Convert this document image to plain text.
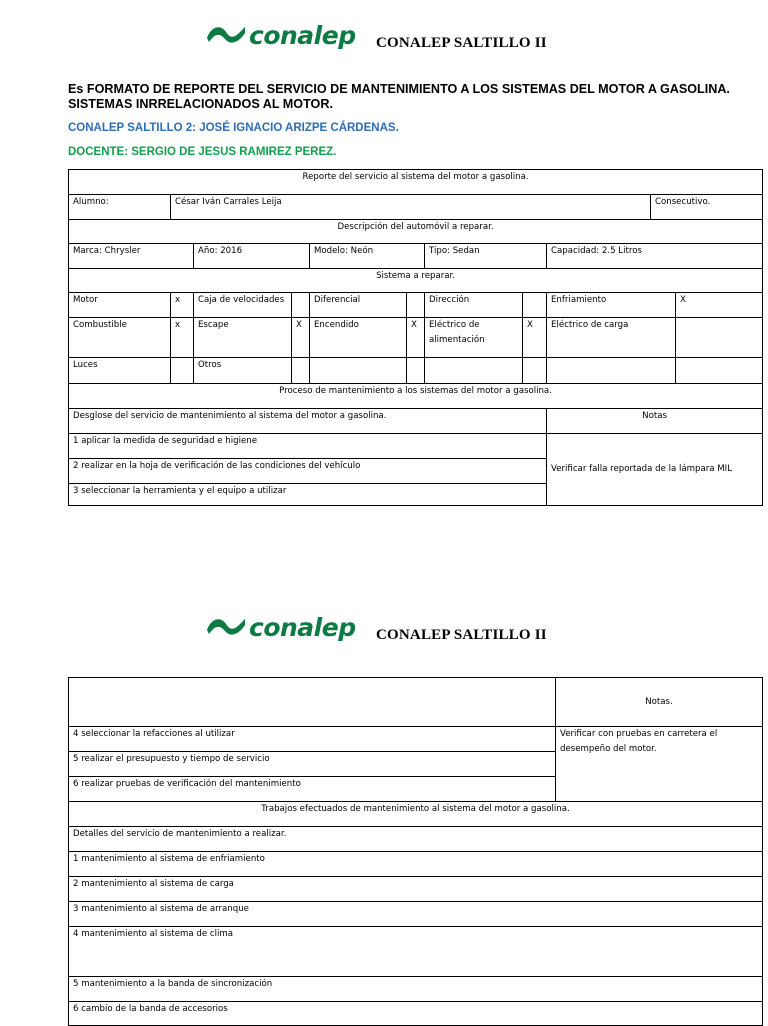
conalep CONALEP SALTILLO II
Es FORMATO DE REPORTE DEL SERVICIO DE MANTENIMIENTO A LOS SISTEMAS DEL MOTOR A GASOLINA.
SISTEMAS INRRELACIONADOS AL MOTOR.
CONALEP SALTILLO 2: JOSÉ IGNACIO ARIZPE CÁRDENAS.
DOCENTE: SERGIO DE JESUS RAMIREZ PEREZ.
Reporte del servicio al sistema del motor a gasolina.										
Alumno:	César Iván Carrales Leija								Consecutivo.	
Descripción del automóvil a reparar.										
Marca: Chrysler		Año: 2016		Modelo: Neón		Tipo: Sedan		Capacidad: 2.5 Litros		
Sistema a reparar.										
Motor	x	Caja de velocidades		Diferencial		Dirección		Enfriamiento		X
Combustible	x	Escape	X	Encendido	X	Eléctrico de alimentación	X	Eléctrico de carga		
Luces		Otros								
Proceso de mantenimiento a los sistemas del motor a gasolina.										
Desglose del servicio de mantenimiento al sistema del motor a gasolina.								Notas		
1 aplicar la medida de seguridad e higiene								Verificar falla reportada de la lámpara MIL		
2 realizar en la hoja de verificación de las condiciones del vehículo										
3 seleccionar la herramienta y el equipo a utilizar										
conalep CONALEP SALTILLO II
	Notas.
4 seleccionar la refacciones al utilizar	Verificar con pruebas en carretera el desempeño del motor.
5 realizar el presupuesto y tiempo de servicio	
6 realizar pruebas de verificación del mantenimiento	
Trabajos efectuados de mantenimiento al sistema del motor a gasolina.	
Detalles del servicio de mantenimiento a realizar.	
1 mantenimiento al sistema de enfriamiento	
2 mantenimiento al sistema de carga	
3 mantenimiento al sistema de arranque	
4 mantenimiento al sistema de clima	
5 mantenimiento a la banda de sincronización	
6 cambio de la banda de accesorios	
